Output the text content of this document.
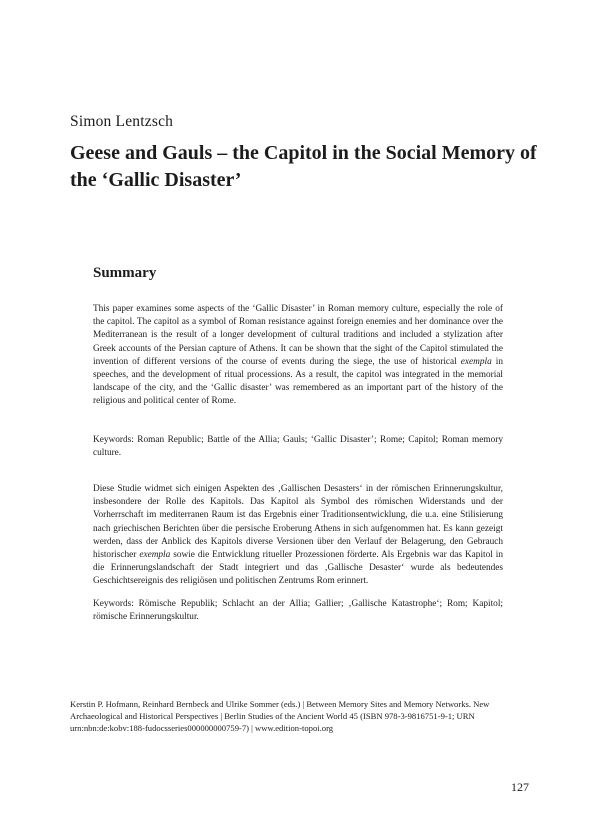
Simon Lentzsch
Geese and Gauls – the Capitol in the Social Memory of the ‘Gallic Disaster’
Summary

This paper examines some aspects of the ‘Gallic Disaster’ in Roman memory culture, especially the role of the capitol. The capitol as a symbol of Roman resistance against foreign enemies and her dominance over the Mediterranean is the result of a longer development of cultural traditions and included a stylization after Greek accounts of the Persian capture of Athens. It can be shown that the sight of the Capitol stimulated the invention of different versions of the course of events during the siege, the use of historical exempla in speeches, and the development of ritual processions. As a result, the capitol was integrated in the memorial landscape of the city, and the ‘Gallic disaster’ was remembered as an important part of the history of the religious and political center of Rome.

Keywords: Roman Republic; Battle of the Allia; Gauls; ‘Gallic Disaster’; Rome; Capitol; Roman memory culture.

Diese Studie widmet sich einigen Aspekten des ‚Gallischen Desasters‘ in der römischen Erinnerungskultur, insbesondere der Rolle des Kapitols. Das Kapitol als Symbol des römischen Widerstands und der Vorherrschaft im mediterranen Raum ist das Ergebnis einer Traditionsentwicklung, die u.a. eine Stilisierung nach griechischen Berichten über die persische Eroberung Athens in sich aufgenommen hat. Es kann gezeigt werden, dass der Anblick des Kapitols diverse Versionen über den Verlauf der Belagerung, den Gebrauch historischer exempla sowie die Entwicklung ritueller Prozessionen förderte. Als Ergebnis war das Kapitol in die Erinnerungslandschaft der Stadt integriert und das ‚Gallische Desaster‘ wurde als bedeutendes Geschichtsereignis des religiösen und politischen Zentrums Rom erinnert.

Keywords: Römische Republik; Schlacht an der Allia; Gallier; ‚Gallische Katastrophe‘; Rom; Kapitol; römische Erinnerungskultur.

Kerstin P. Hofmann, Reinhard Bernbeck and Ulrike Sommer (eds.) | Between Memory Sites and Memory Networks. New Archaeological and Historical Perspectives | Berlin Studies of the Ancient World 45 (ISBN 978-3-9816751-9-1; URN urn:nbn:de:kobv:188-fudocsseries000000000759-7) | www.edition-topoi.org

127
